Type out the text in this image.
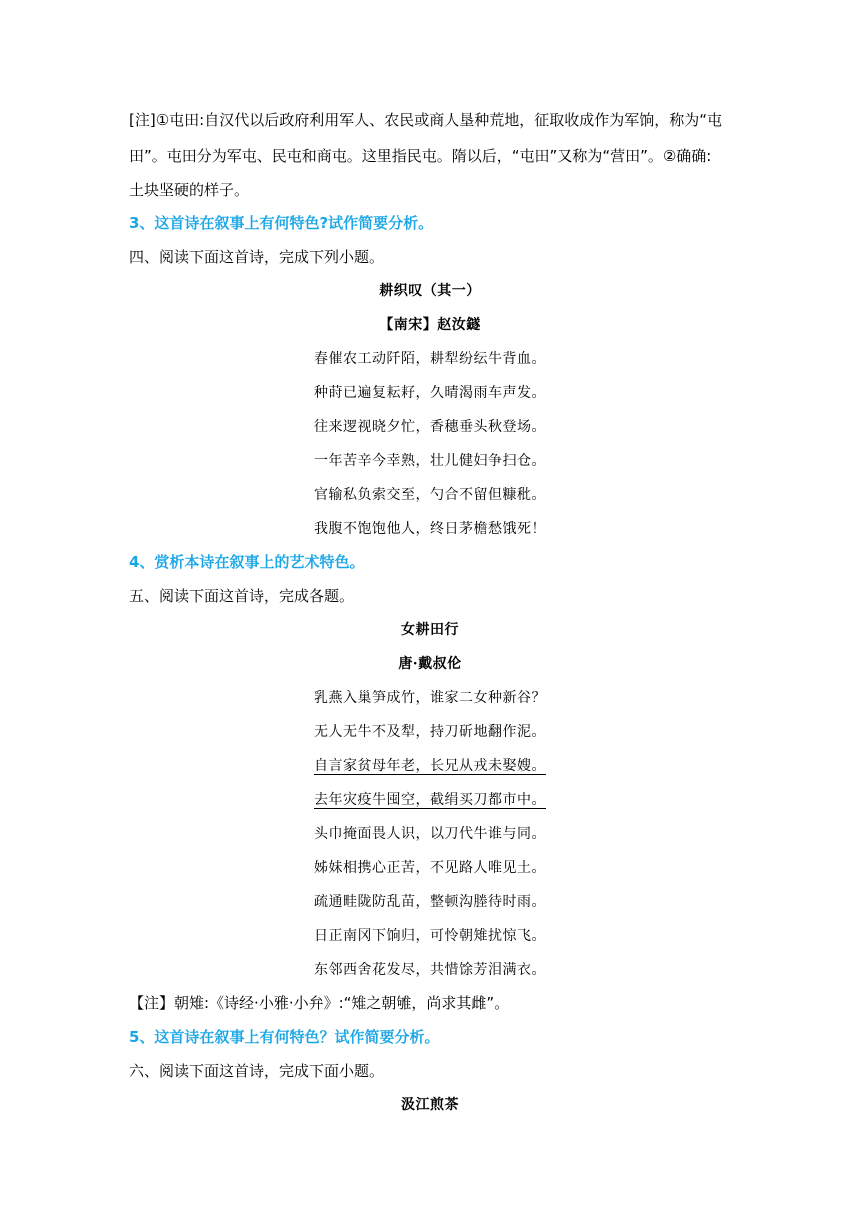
[注]①屯田:自汉代以后政府利用军人、农民或商人垦种荒地，征取收成作为军饷，称为“屯
田”。屯田分为军屯、民屯和商屯。这里指民屯。隋以后，“屯田”又称为“营田”。②确确:
土块坚硬的样子。
3、这首诗在叙事上有何特色?试作简要分析。
四、阅读下面这首诗，完成下列小题。
耕织叹（其一）
【南宋】赵汝鐩
春催农工动阡陌，耕犁纷纭牛背血。
种莳已遍复耘耔，久晴渴雨车声发。
往来逻视晓夕忙，香穗垂头秋登场。
一年苦辛今幸熟，壮儿健妇争扫仓。
官输私负索交至，勺合不留但糠秕。
我腹不饱饱他人，终日茅檐愁饿死！
4、赏析本诗在叙事上的艺术特色。
五、阅读下面这首诗，完成各题。
女耕田行
唐·戴叔伦
乳燕入巢笋成竹，谁家二女种新谷？
无人无牛不及犁，持刀斫地翻作泥。
自言家贫母年老，长兄从戎未娶嫂。
去年灾疫牛囤空，截绢买刀都市中。
头巾掩面畏人识，以刀代牛谁与同。
姊妹相携心正苦，不见路人唯见土。
疏通畦陇防乱苗，整顿沟塍待时雨。
日正南冈下饷归，可怜朝雉扰惊飞。
东邻西舍花发尽，共惜馀芳泪满衣。
【注】朝雉:《诗经·小雅·小弁》:“雉之朝雊，尚求其雌”。
5、这首诗在叙事上有何特色？试作简要分析。
六、阅读下面这首诗，完成下面小题。
汲江煎茶
